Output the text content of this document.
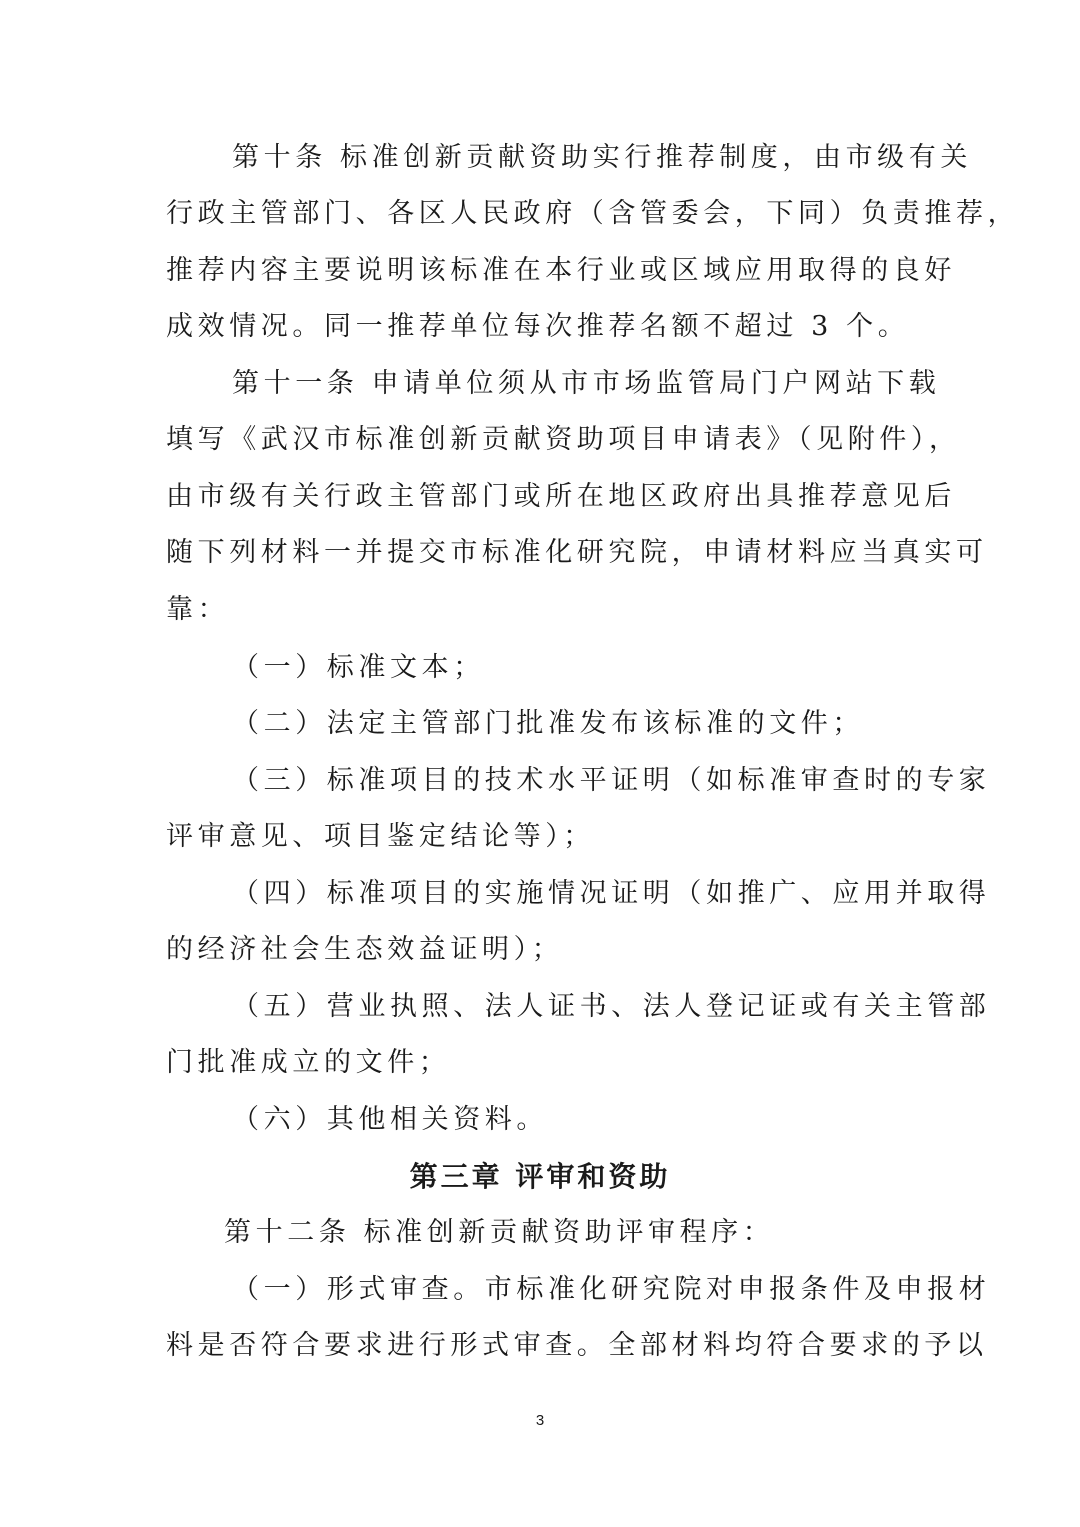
第十条 标准创新贡献资助实行推荐制度，由市级有关
行政主管部门、各区人民政府（含管委会，下同）负责推荐，
推荐内容主要说明该标准在本行业或区域应用取得的良好
成效情况。同一推荐单位每次推荐名额不超过 3 个。
第十一条 申请单位须从市市场监管局门户网站下载
填写《武汉市标准创新贡献资助项目申请表》（见附件），
由市级有关行政主管部门或所在地区政府出具推荐意见后
随下列材料一并提交市标准化研究院，申请材料应当真实可
靠：
（一）标准文本；
（二）法定主管部门批准发布该标准的文件；
（三）标准项目的技术水平证明（如标准审查时的专家
评审意见、项目鉴定结论等）；
（四）标准项目的实施情况证明（如推广、应用并取得
的经济社会生态效益证明）；
（五）营业执照、法人证书、法人登记证或有关主管部
门批准成立的文件；
（六）其他相关资料。
第三章 评审和资助
第十二条 标准创新贡献资助评审程序：
（一）形式审查。市标准化研究院对申报条件及申报材
料是否符合要求进行形式审查。全部材料均符合要求的予以
3
